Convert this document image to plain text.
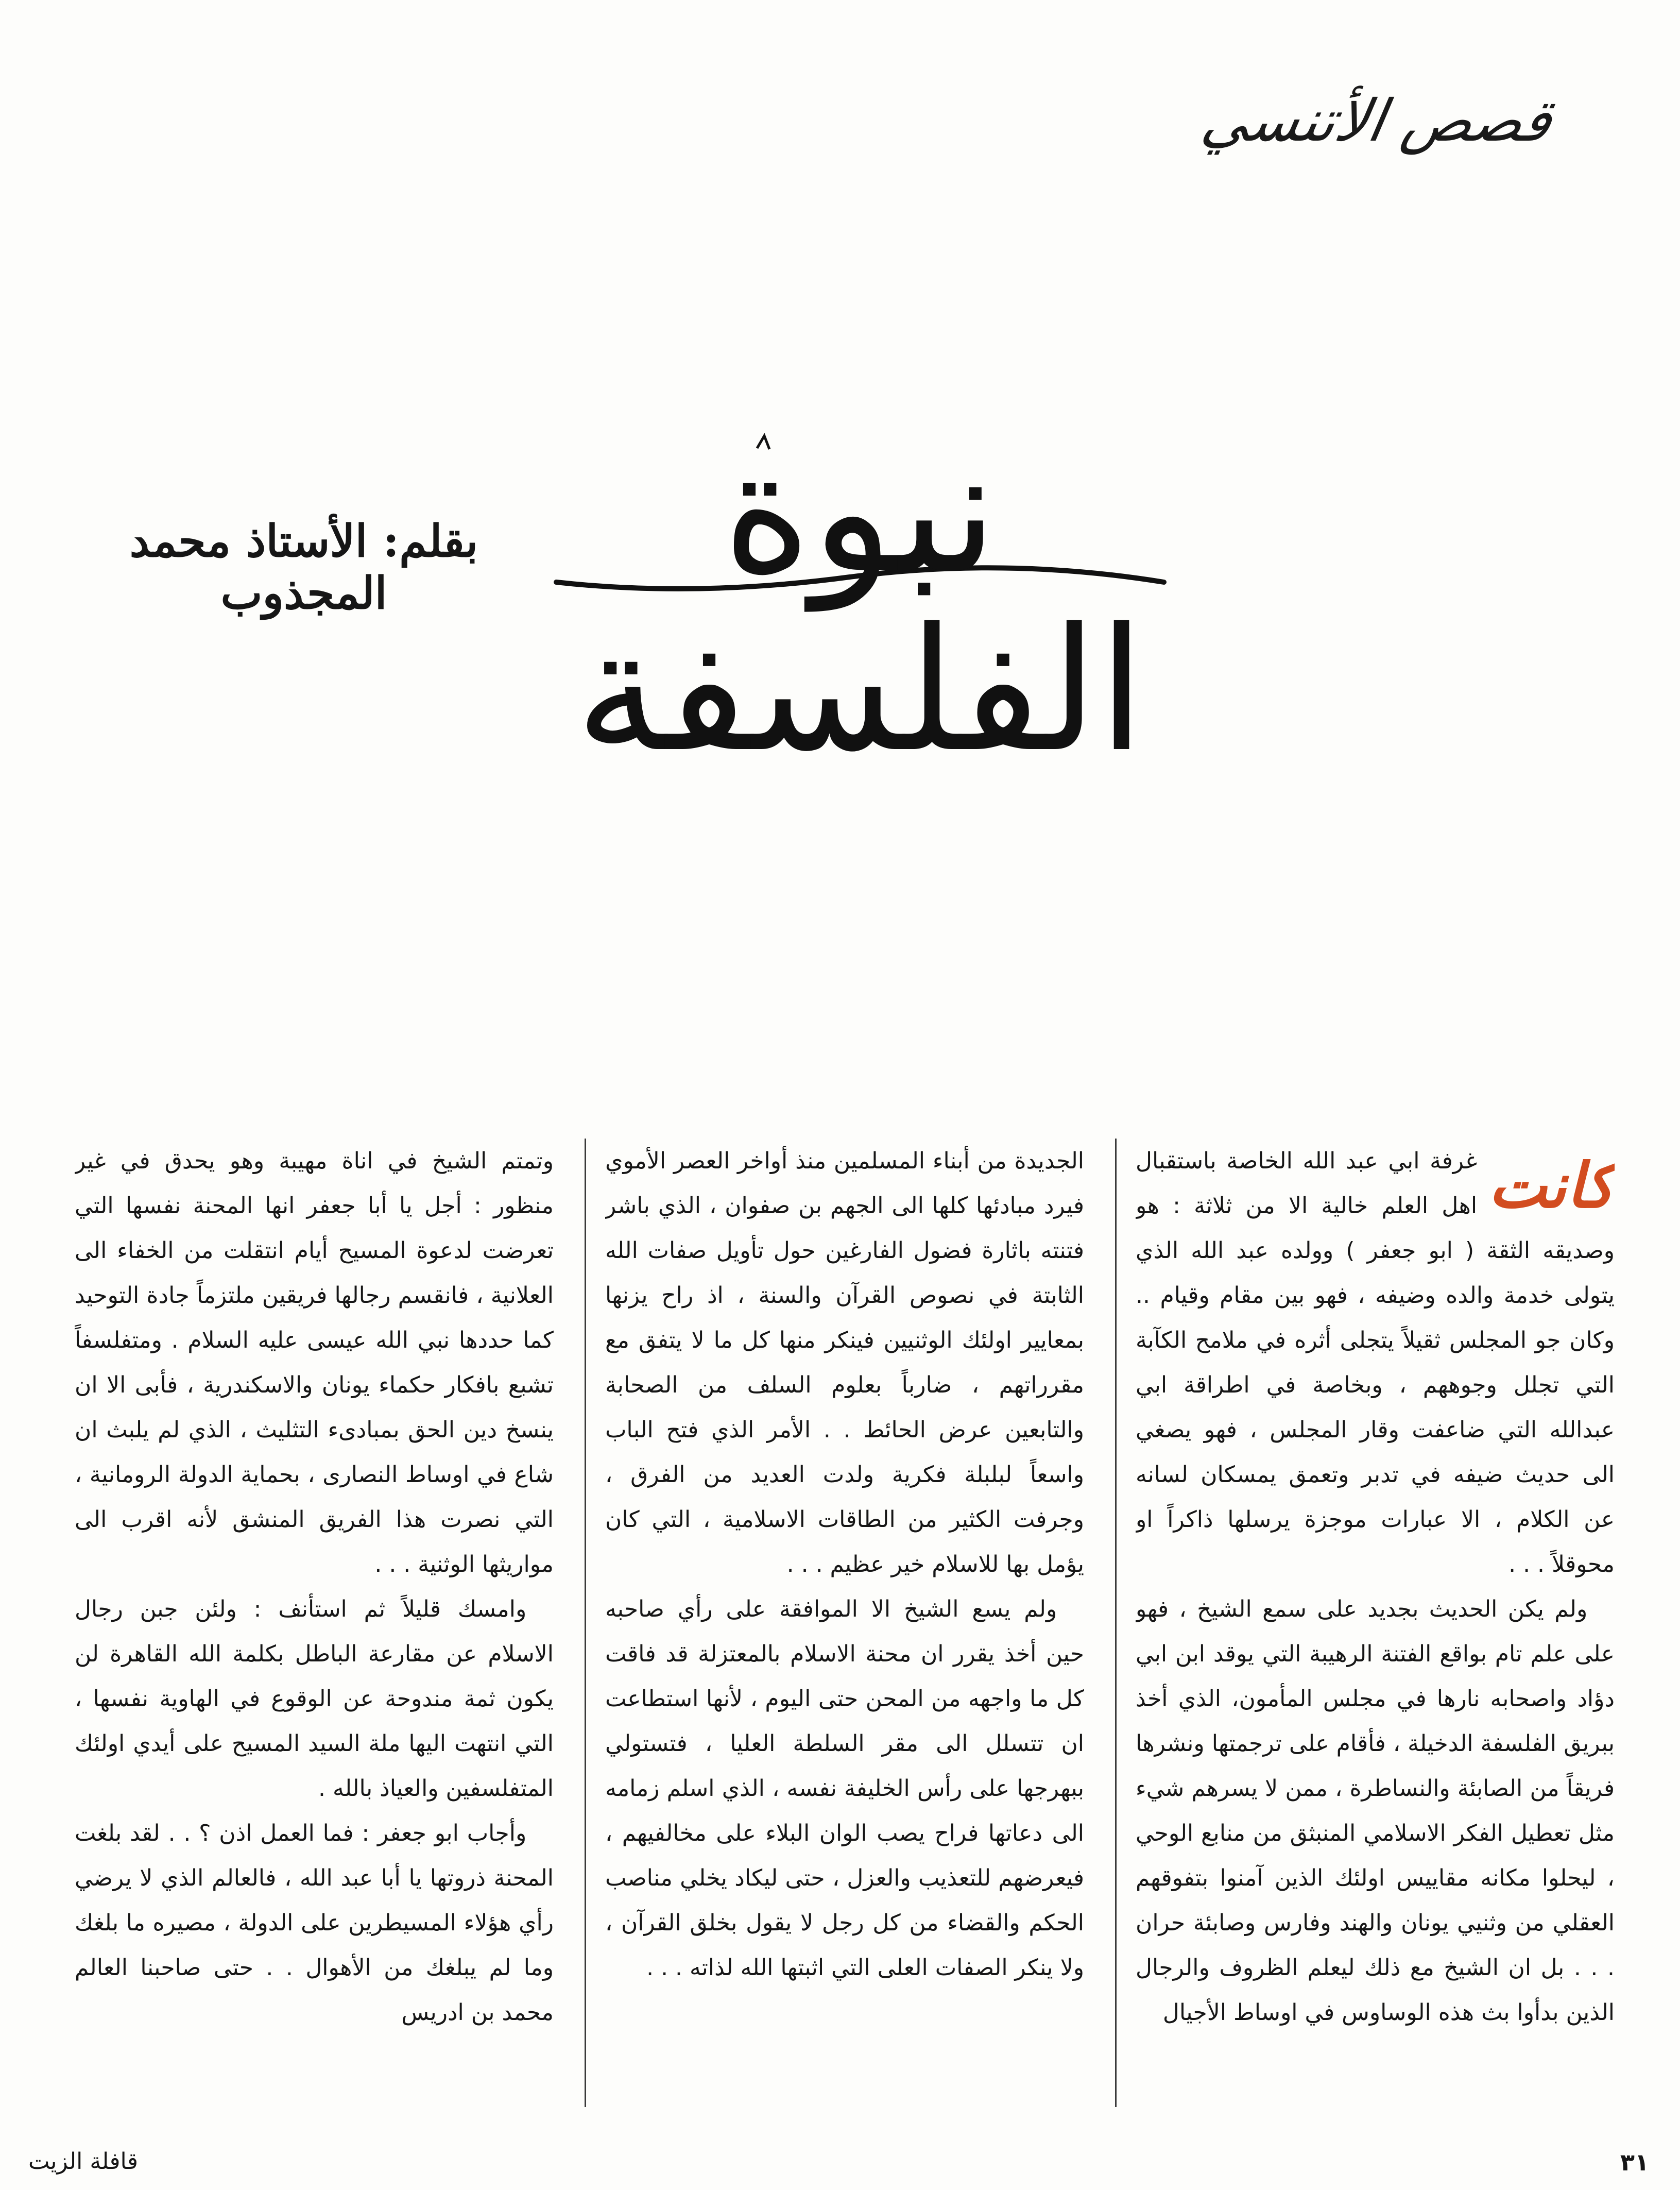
قصص الأتنسي
نبوة الفلسفة
بقلم: الأستاذ محمد المجذوب
كانت

غرفة ابي عبد الله الخاصة باستقبال اهل العلم خالية الا من ثلاثة : هو وصديقه الثقة ( ابو جعفر ) وولده عبد الله الذي يتولى خدمة والده وضيفه ، فهو بين مقام وقيام .. وكان جو المجلس ثقيلاً يتجلى أثره في ملامح الكآبة التي تجلل وجوههم ، وبخاصة في اطراقة ابي عبدالله التي ضاعفت وقار المجلس ، فهو يصغي الى حديث ضيفه في تدبر وتعمق يمسكان لسانه عن الكلام ، الا عبارات موجزة يرسلها ذاكراً او محوقلاً . . .

ولم يكن الحديث بجديد على سمع الشيخ ، فهو على علم تام بواقع الفتنة الرهيبة التي يوقد ابن ابي دؤاد واصحابه نارها في مجلس المأمون، الذي أخذ ببريق الفلسفة الدخيلة ، فأقام على ترجمتها ونشرها فريقاً من الصابئة والنساطرة ، ممن لا يسرهم شيء مثل تعطيل الفكر الاسلامي المنبثق من منابع الوحي ، ليحلوا مكانه مقاييس اولئك الذين آمنوا بتفوقهم العقلي من وثنيي يونان والهند وفارس وصابئة حران . . . بل ان الشيخ مع ذلك ليعلم الظروف والرجال الذين بدأوا بث هذه الوساوس في اوساط الأجيال

الجديدة من أبناء المسلمين منذ أواخر العصر الأموي فيرد مبادئها كلها الى الجهم بن صفوان ، الذي باشر فتنته باثارة فضول الفارغين حول تأويل صفات الله الثابتة في نصوص القرآن والسنة ، اذ راح يزنها بمعايير اولئك الوثنيين فينكر منها كل ما لا يتفق مع مقرراتهم ، ضارباً بعلوم السلف من الصحابة والتابعين عرض الحائط . . الأمر الذي فتح الباب واسعاً لبلبلة فكرية ولدت العديد من الفرق ، وجرفت الكثير من الطاقات الاسلامية ، التي كان يؤمل بها للاسلام خير عظيم . . .

ولم يسع الشيخ الا الموافقة على رأي صاحبه حين أخذ يقرر ان محنة الاسلام بالمعتزلة قد فاقت كل ما واجهه من المحن حتى اليوم ، لأنها استطاعت ان تتسلل الى مقر السلطة العليا ، فتستولي ببهرجها على رأس الخليفة نفسه ، الذي اسلم زمامه الى دعاتها فراح يصب الوان البلاء على مخالفيهم ، فيعرضهم للتعذيب والعزل ، حتى ليكاد يخلي مناصب الحكم والقضاء من كل رجل لا يقول بخلق القرآن ، ولا ينكر الصفات العلى التي اثبتها الله لذاته . . .

وتمتم الشيخ في اناة مهيبة وهو يحدق في غير منظور : أجل يا أبا جعفر انها المحنة نفسها التي تعرضت لدعوة المسيح أيام انتقلت من الخفاء الى العلانية ، فانقسم رجالها فريقين ملتزماً جادة التوحيد كما حددها نبي الله عيسى عليه السلام . ومتفلسفاً تشبع بافكار حكماء يونان والاسكندرية ، فأبى الا ان ينسخ دين الحق بمبادىء التثليث ، الذي لم يلبث ان شاع في اوساط النصارى ، بحماية الدولة الرومانية ، التي نصرت هذا الفريق المنشق لأنه اقرب الى مواريثها الوثنية . . .

وامسك قليلاً ثم استأنف : ولئن جبن رجال الاسلام عن مقارعة الباطل بكلمة الله القاهرة لن يكون ثمة مندوحة عن الوقوع في الهاوية نفسها ، التي انتهت اليها ملة السيد المسيح على أيدي اولئك المتفلسفين والعياذ بالله .

وأجاب ابو جعفر : فما العمل اذن ؟ . . لقد بلغت المحنة ذروتها يا أبا عبد الله ، فالعالم الذي لا يرضي رأي هؤلاء المسيطرين على الدولة ، مصيره ما بلغك وما لم يبلغك من الأهوال . . حتى صاحبنا العالم محمد بن ادريس

٣١
قافلة الزيت
